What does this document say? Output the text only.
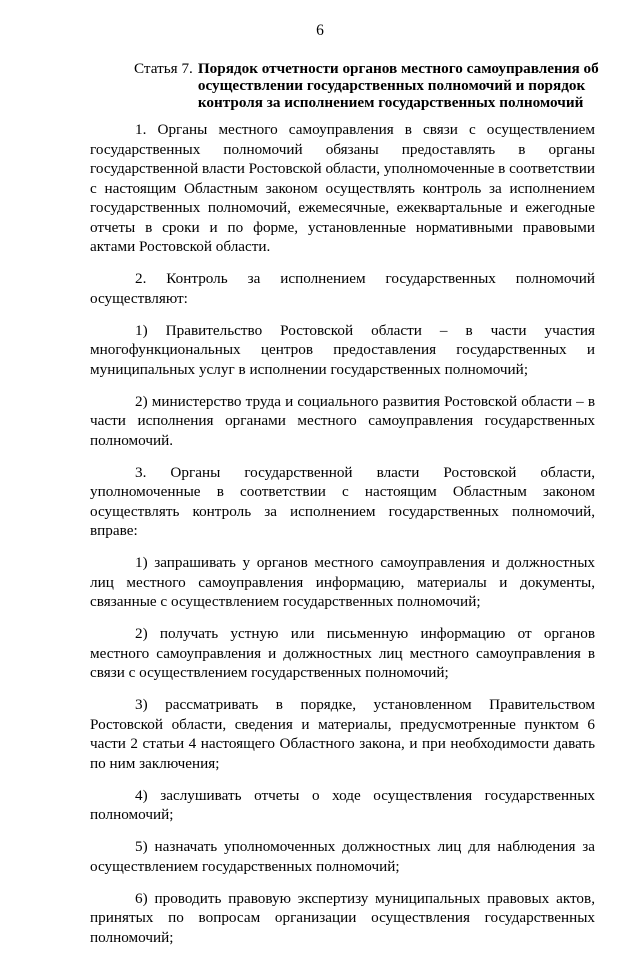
6
Статья 7. Порядок отчетности органов местного самоуправления об осуществлении государственных полномочий и порядок контроля за исполнением государственных полномочий

1. Органы местного самоуправления в связи с осуществлением государственных полномочий обязаны предоставлять в органы государственной власти Ростовской области, уполномоченные в соответствии с настоящим Областным законом осуществлять контроль за исполнением государственных полномочий, ежемесячные, ежеквартальные и ежегодные отчеты в сроки и по форме, установленные нормативными правовыми актами Ростовской области.

2. Контроль за исполнением государственных полномочий осуществляют:

1) Правительство Ростовской области – в части участия многофункциональных центров предоставления государственных и муниципальных услуг в исполнении государственных полномочий;

2) министерство труда и социального развития Ростовской области – в части исполнения органами местного самоуправления государственных полномочий.

3. Органы государственной власти Ростовской области, уполномоченные в соответствии с настоящим Областным законом осуществлять контроль за исполнением государственных полномочий, вправе:

1) запрашивать у органов местного самоуправления и должностных лиц местного самоуправления информацию, материалы и документы, связанные с осуществлением государственных полномочий;

2) получать устную или письменную информацию от органов местного самоуправления и должностных лиц местного самоуправления в связи с осуществлением государственных полномочий;

3) рассматривать в порядке, установленном Правительством Ростовской области, сведения и материалы, предусмотренные пунктом 6 части 2 статьи 4 настоящего Областного закона, и при необходимости давать по ним заключения;

4) заслушивать отчеты о ходе осуществления государственных полномочий;

5) назначать уполномоченных должностных лиц для наблюдения за осуществлением государственных полномочий;

6) проводить правовую экспертизу муниципальных правовых актов, принятых по вопросам организации осуществления государственных полномочий;
